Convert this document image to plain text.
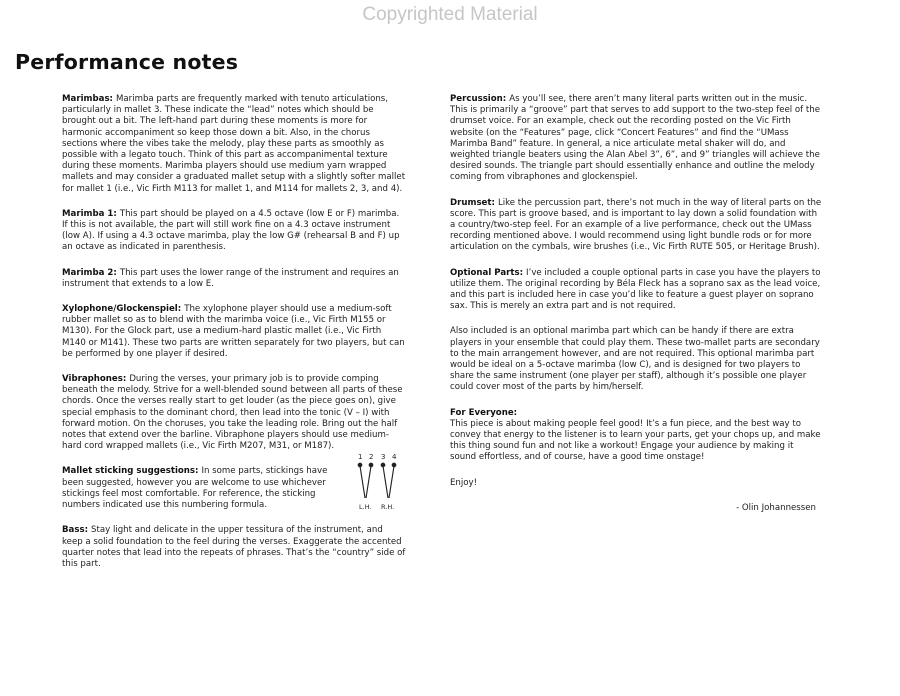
Copyrighted Material
Performance notes

Marimbas: Marimba parts are frequently marked with tenuto articulations, particularly in mallet 3. These indicate the “lead” notes which should be brought out a bit. The left-hand part during these moments is more for harmonic accompaniment so keep those down a bit. Also, in the chorus sections where the vibes take the melody, play these parts as smoothly as possible with a legato touch. Think of this part as accompanimental texture during these moments. Marimba players should use medium yarn wrapped mallets and may consider a graduated mallet setup with a slightly softer mallet for mallet 1 (i.e., Vic Firth M113 for mallet 1, and M114 for mallets 2, 3, and 4).

Marimba 1: This part should be played on a 4.5 octave (low E or F) marimba. If this is not available, the part will still work fine on a 4.3 octave instrument (low A). If using a 4.3 octave marimba, play the low G# (rehearsal B and F) up an octave as indicated in parenthesis.

Marimba 2: This part uses the lower range of the instrument and requires an instrument that extends to a low E.

Xylophone/Glockenspiel: The xylophone player should use a medium-soft rubber mallet so as to blend with the marimba voice (i.e., Vic Firth M155 or M130). For the Glock part, use a medium-hard plastic mallet (i.e., Vic Firth M140 or M141). These two parts are written separately for two players, but can be performed by one player if desired.

Vibraphones: During the verses, your primary job is to provide comping beneath the melody. Strive for a well-blended sound between all parts of these chords. Once the verses really start to get louder (as the piece goes on), give special emphasis to the dominant chord, then lead into the tonic (V – I) with forward motion. On the choruses, you take the leading role. Bring out the half notes that extend over the barline. Vibraphone players should use medium-hard cord wrapped mallets (i.e., Vic Firth M207, M31, or M187).

Mallet sticking suggestions: In some parts, stickings have been suggested, however you are welcome to use whichever stickings feel most comfortable. For reference, the sticking numbers indicated use this numbering formula.

1 2 3 4
L.H. R.H.

Bass: Stay light and delicate in the upper tessitura of the instrument, and keep a solid foundation to the feel during the verses. Exaggerate the accented quarter notes that lead into the repeats of phrases. That’s the “country” side of this part.

Percussion: As you’ll see, there aren’t many literal parts written out in the music. This is primarily a “groove” part that serves to add support to the two-step feel of the drumset voice. For an example, check out the recording posted on the Vic Firth website (on the “Features” page, click “Concert Features” and find the “UMass Marimba Band” feature. In general, a nice articulate metal shaker will do, and weighted triangle beaters using the Alan Abel 3”, 6”, and 9” triangles will achieve the desired sounds. The triangle part should essentially enhance and outline the melody coming from vibraphones and glockenspiel.

Drumset: Like the percussion part, there’s not much in the way of literal parts on the score. This part is groove based, and is important to lay down a solid foundation with a country/two-step feel. For an example of a live performance, check out the UMass recording mentioned above. I would recommend using light bundle rods or for more articulation on the cymbals, wire brushes (i.e., Vic Firth RUTE 505, or Heritage Brush).

Optional Parts: I’ve included a couple optional parts in case you have the players to utilize them. The original recording by Béla Fleck has a soprano sax as the lead voice, and this part is included here in case you’d like to feature a guest player on soprano sax. This is merely an extra part and is not required.

Also included is an optional marimba part which can be handy if there are extra players in your ensemble that could play them. These two-mallet parts are secondary to the main arrangement however, and are not required. This optional marimba part would be ideal on a 5-octave marimba (low C), and is designed for two players to share the same instrument (one player per staff), although it’s possible one player could cover most of the parts by him/herself.

For Everyone:
This piece is about making people feel good! It’s a fun piece, and the best way to convey that energy to the listener is to learn your parts, get your chops up, and make this thing sound fun and not like a workout! Engage your audience by making it sound effortless, and of course, have a good time onstage!

Enjoy!

- Olin Johannessen
